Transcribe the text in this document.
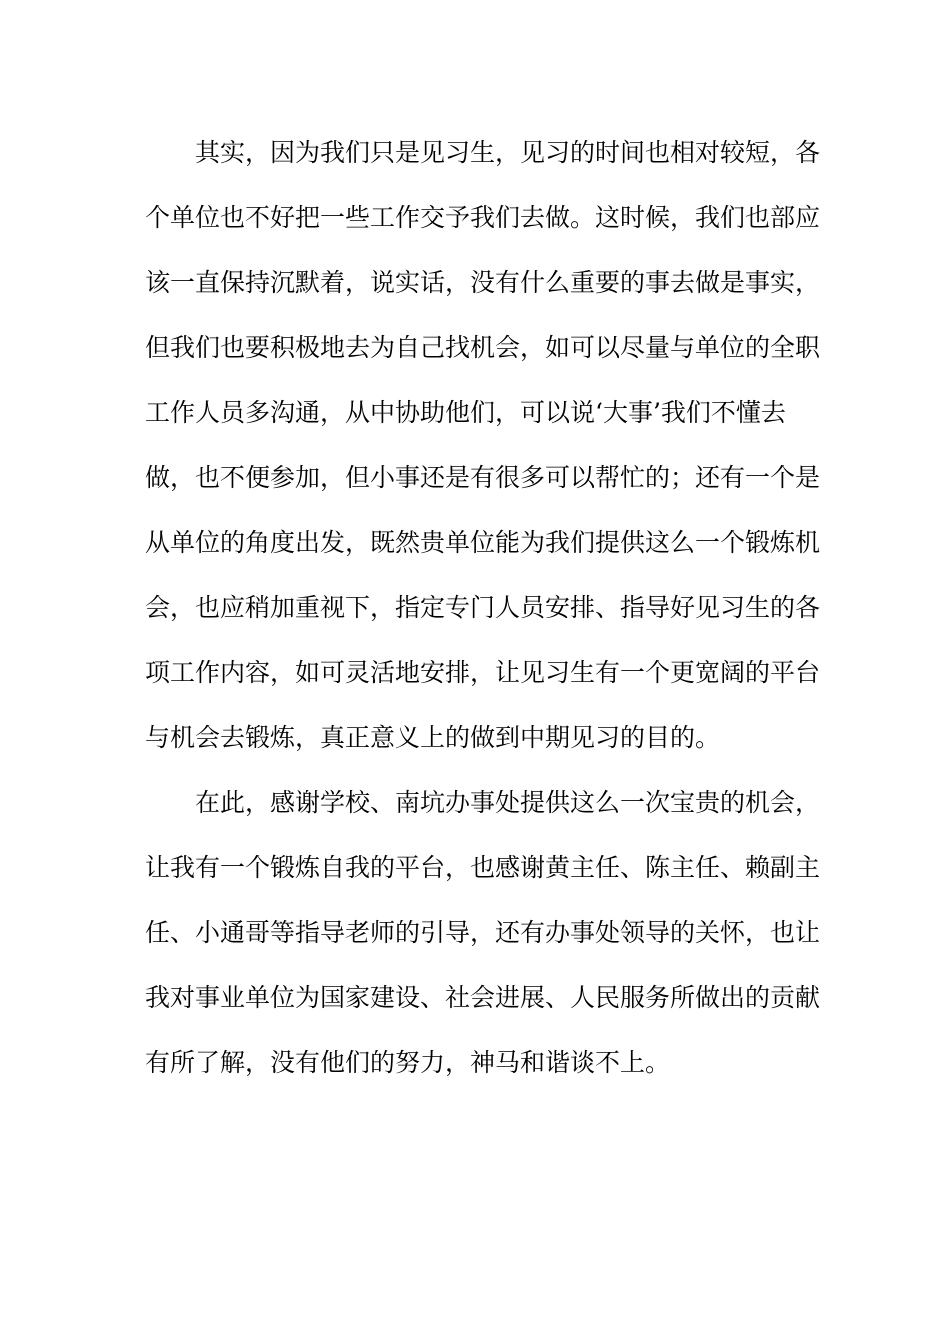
其实，因为我们只是见习生，见习的时间也相对较短，各
个单位也不好把一些工作交予我们去做。这时候，我们也部应
该一直保持沉默着，说实话，没有什么重要的事去做是事实，
但我们也要积极地去为自己找机会，如可以尽量与单位的全职
工作人员多沟通，从中协助他们，可以说‘大事’我们不懂去
做，也不便参加，但小事还是有很多可以帮忙的；还有一个是
从单位的角度出发，既然贵单位能为我们提供这么一个锻炼机
会，也应稍加重视下，指定专门人员安排、指导好见习生的各
项工作内容，如可灵活地安排，让见习生有一个更宽阔的平台
与机会去锻炼，真正意义上的做到中期见习的目的。
在此，感谢学校、南坑办事处提供这么一次宝贵的机会，
让我有一个锻炼自我的平台，也感谢黄主任、陈主任、赖副主
任、小通哥等指导老师的引导，还有办事处领导的关怀，也让
我对事业单位为国家建设、社会进展、人民服务所做出的贡献
有所了解，没有他们的努力，神马和谐谈不上。
